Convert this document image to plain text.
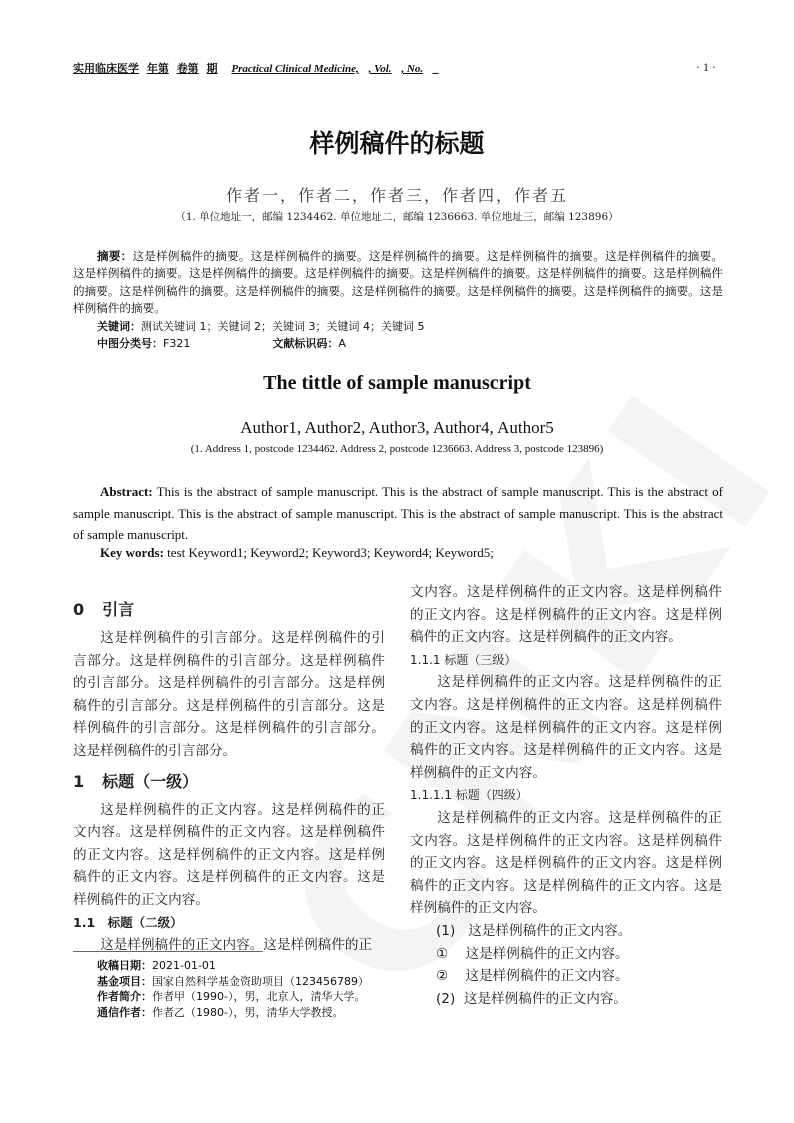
实用临床医学 年第 卷第 期 Practical Clinical Medicine, , Vol. , No. _	· 1 ·
样例稿件的标题
作者一，作者二，作者三，作者四，作者五
（1. 单位地址一，邮编 1234462. 单位地址二，邮编 1236663. 单位地址三，邮编 123896）
摘要：这是样例稿件的摘要。这是样例稿件的摘要。这是样例稿件的摘要。这是样例稿件的摘要。这是样例稿件的摘要。这是样例稿件的摘要。这是样例稿件的摘要。这是样例稿件的摘要。这是样例稿件的摘要。这是样例稿件的摘要。这是样例稿件的摘要。这是样例稿件的摘要。这是样例稿件的摘要。这是样例稿件的摘要。这是样例稿件的摘要。这是样例稿件的摘要。这是样例稿件的摘要。
关键词：测试关键词 1；关键词 2；关键词 3；关键词 4；关键词 5
中图分类号：F321	文献标识码：A
The tittle of sample manuscript
Author1, Author2, Author3, Author4, Author5
(1. Address 1, postcode 1234462. Address 2, postcode 1236663. Address 3, postcode 123896)
Abstract: This is the abstract of sample manuscript. This is the abstract of sample manuscript. This is the abstract of sample manuscript. This is the abstract of sample manuscript. This is the abstract of sample manuscript. This is the abstract of sample manuscript.
Key words: test Keyword1; Keyword2; Keyword3; Keyword4; Keyword5;
0 引言

这是样例稿件的引言部分。这是样例稿件的引言部分。这是样例稿件的引言部分。这是样例稿件的引言部分。这是样例稿件的引言部分。这是样例稿件的引言部分。这是样例稿件的引言部分。这是样例稿件的引言部分。这是样例稿件的引言部分。这是样例稿件的引言部分。

1 标题（一级）

这是样例稿件的正文内容。这是样例稿件的正文内容。这是样例稿件的正文内容。这是样例稿件的正文内容。这是样例稿件的正文内容。这是样例稿件的正文内容。这是样例稿件的正文内容。这是样例稿件的正文内容。

1.1　标题（二级）

这是样例稿件的正文内容。这是样例稿件的正

文内容。这是样例稿件的正文内容。这是样例稿件的正文内容。这是样例稿件的正文内容。这是样例稿件的正文内容。这是样例稿件的正文内容。
1.1.1 标题（三级）

这是样例稿件的正文内容。这是样例稿件的正文内容。这是样例稿件的正文内容。这是样例稿件的正文内容。这是样例稿件的正文内容。这是样例稿件的正文内容。这是样例稿件的正文内容。这是样例稿件的正文内容。

1.1.1.1 标题（四级）

这是样例稿件的正文内容。这是样例稿件的正文内容。这是样例稿件的正文内容。这是样例稿件的正文内容。这是样例稿件的正文内容。这是样例稿件的正文内容。这是样例稿件的正文内容。这是样例稿件的正文内容。

(1)   这是样例稿件的正文内容。
①    这是样例稿件的正文内容。
②    这是样例稿件的正文内容。
(2)  这是样例稿件的正文内容。
收稿日期：2021-01-01
基金项目：国家自然科学基金资助项目（123456789）
作者简介：作者甲（1990-），男，北京人，清华大学。
通信作者：作者乙（1980-），男，清华大学教授。
